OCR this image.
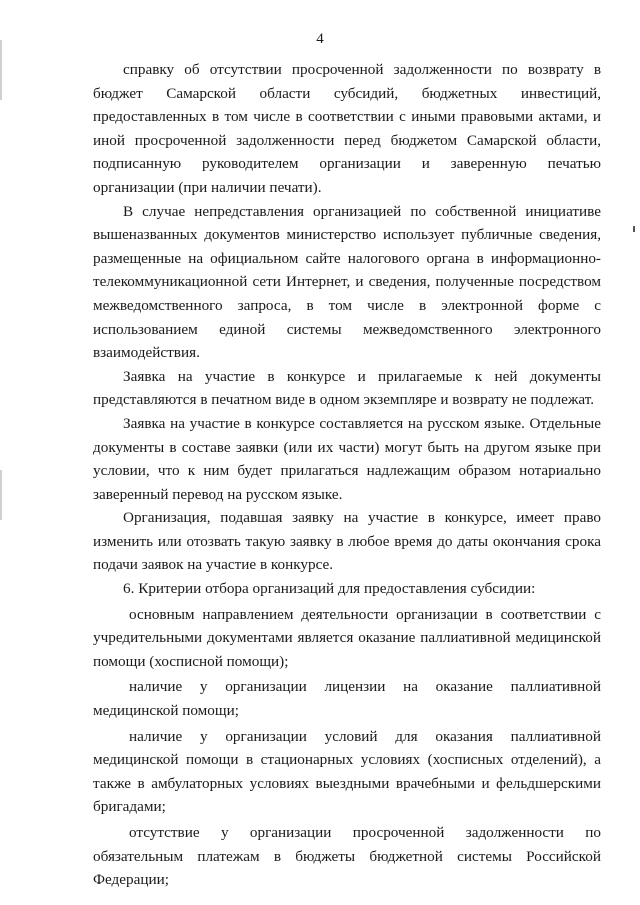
4

справку об отсутствии просроченной задолженности по возврату в бюджет Самарской области субсидий, бюджетных инвестиций, предоставленных в том числе в соответствии с иными правовыми актами, и иной просроченной задолженности перед бюджетом Самарской области, подписанную руководителем организации и заверенную печатью организации (при наличии печати).

В случае непредставления организацией по собственной инициативе вышеназванных документов министерство использует публичные сведения, размещенные на официальном сайте налогового органа в информационно-телекоммуникационной сети Интернет, и сведения, полученные посредством межведомственного запроса, в том числе в электронной форме с использованием единой системы межведомственного электронного взаимодействия.

Заявка на участие в конкурсе и прилагаемые к ней документы представляются в печатном виде в одном экземпляре и возврату не подлежат.

Заявка на участие в конкурсе составляется на русском языке. Отдельные документы в составе заявки (или их части) могут быть на другом языке при условии, что к ним будет прилагаться надлежащим образом нотариально заверенный перевод на русском языке.

Организация, подавшая заявку на участие в конкурсе, имеет право изменить или отозвать такую заявку в любое время до даты окончания срока подачи заявок на участие в конкурсе.

6. Критерии отбора организаций для предоставления субсидии:

основным направлением деятельности организации в соответствии с учредительными документами является оказание паллиативной медицинской помощи (хосписной помощи);

наличие у организации лицензии на оказание паллиативной медицинской помощи;

наличие у организации условий для оказания паллиативной медицинской помощи в стационарных условиях (хосписных отделений), а также в амбулаторных условиях выездными врачебными и фельдшерскими бригадами;

отсутствие у организации просроченной задолженности по обязательным платежам в бюджеты бюджетной системы Российской Федерации;
